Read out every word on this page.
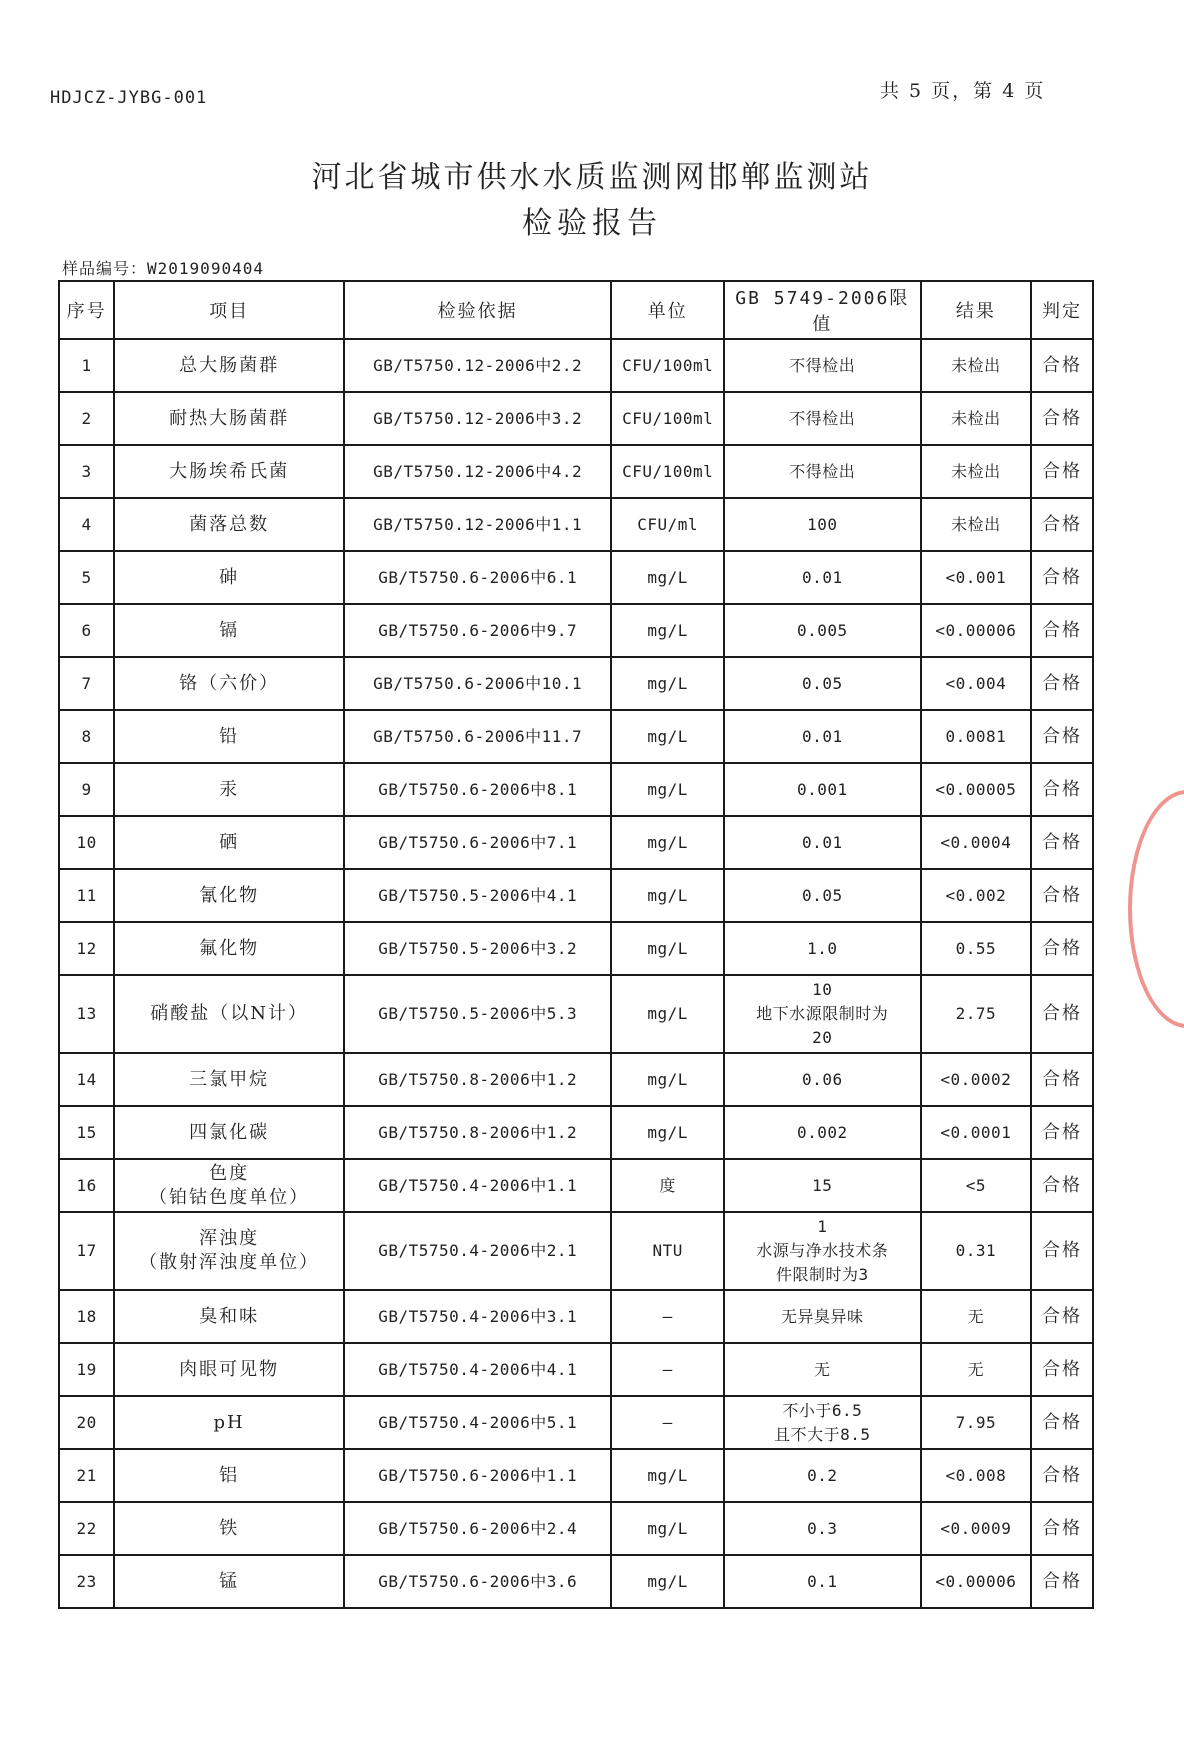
HDJCZ-JYBG-001	共 5 页，第 4 页
河北省城市供水水质监测网邯郸监测站
检验报告
样品编号：W2019090404
序号	项目	检验依据	单位	GB 5749-2006限值	结果	判定
1	总大肠菌群	GB/T5750.12-2006中2.2	CFU/100ml	不得检出	未检出	合格
2	耐热大肠菌群	GB/T5750.12-2006中3.2	CFU/100ml	不得检出	未检出	合格
3	大肠埃希氏菌	GB/T5750.12-2006中4.2	CFU/100ml	不得检出	未检出	合格
4	菌落总数	GB/T5750.12-2006中1.1	CFU/ml	100	未检出	合格
5	砷	GB/T5750.6-2006中6.1	mg/L	0.01	<0.001	合格
6	镉	GB/T5750.6-2006中9.7	mg/L	0.005	<0.00006	合格
7	铬（六价）	GB/T5750.6-2006中10.1	mg/L	0.05	<0.004	合格
8	铅	GB/T5750.6-2006中11.7	mg/L	0.01	0.0081	合格
9	汞	GB/T5750.6-2006中8.1	mg/L	0.001	<0.00005	合格
10	硒	GB/T5750.6-2006中7.1	mg/L	0.01	<0.0004	合格
11	氰化物	GB/T5750.5-2006中4.1	mg/L	0.05	<0.002	合格
12	氟化物	GB/T5750.5-2006中3.2	mg/L	1.0	0.55	合格
13	硝酸盐（以N计）	GB/T5750.5-2006中5.3	mg/L	10
地下水源限制时为
20	2.75	合格
14	三氯甲烷	GB/T5750.8-2006中1.2	mg/L	0.06	<0.0002	合格
15	四氯化碳	GB/T5750.8-2006中1.2	mg/L	0.002	<0.0001	合格
16	色度
（铂钴色度单位）	GB/T5750.4-2006中1.1	度	15	<5	合格
17	浑浊度
（散射浑浊度单位）	GB/T5750.4-2006中2.1	NTU	1
水源与净水技术条
件限制时为3	0.31	合格
18	臭和味	GB/T5750.4-2006中3.1	—	无异臭异味	无	合格
19	肉眼可见物	GB/T5750.4-2006中4.1	—	无	无	合格
20	pH	GB/T5750.4-2006中5.1	—	不小于6.5
且不大于8.5	7.95	合格
21	铝	GB/T5750.6-2006中1.1	mg/L	0.2	<0.008	合格
22	铁	GB/T5750.6-2006中2.4	mg/L	0.3	<0.0009	合格
23	锰	GB/T5750.6-2006中3.6	mg/L	0.1	<0.00006	合格
